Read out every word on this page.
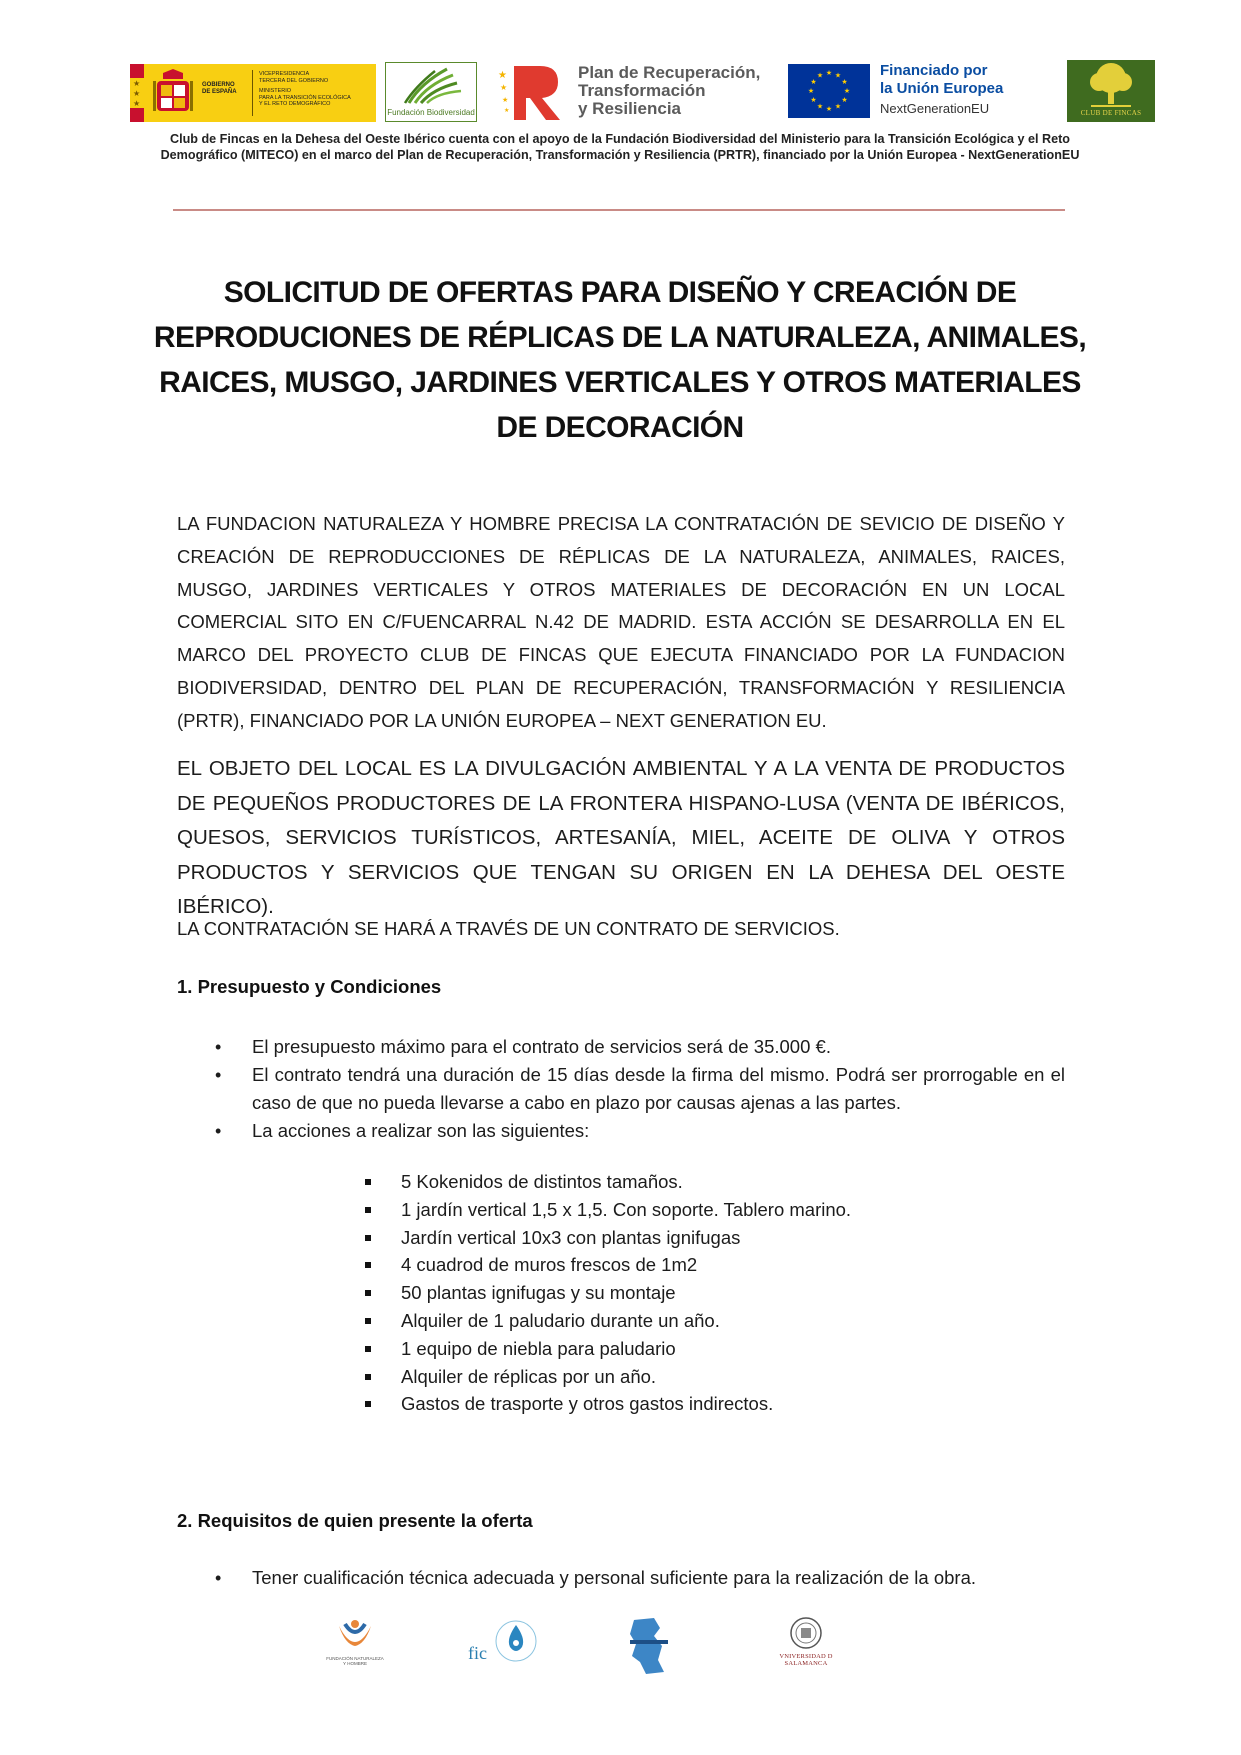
★
★
★
GOBIERNO
DE ESPAÑA
VICEPRESIDENCIA
TERCERA DEL GOBIERNO
MINISTERIO
PARA LA TRANSICIÓN ECOLÓGICA
Y EL RETO DEMOGRÁFICO
Fundación Biodiversidad
★
★
★
★
Plan de Recuperación,
Transformación
y Resiliencia
★ ★
★
★
★
★
★
★
★
★
★
★	Financiado por
la Unión Europea
NextGenerationEU	CLUB DE FINCAS
Club de Fincas en la Dehesa del Oeste Ibérico cuenta con el apoyo de la Fundación Biodiversidad del Ministerio para la Transición Ecológica y el Reto Demográfico (MITECO) en el marco del Plan de Recuperación, Transformación y Resiliencia (PRTR), financiado por la Unión Europea - NextGenerationEU
SOLICITUD DE OFERTAS PARA DISEÑO Y CREACIÓN DE REPRODUCIONES DE RÉPLICAS DE LA NATURALEZA, ANIMALES, RAICES, MUSGO, JARDINES VERTICALES Y OTROS MATERIALES DE DECORACIÓN

LA FUNDACION NATURALEZA Y HOMBRE PRECISA LA CONTRATACIÓN DE SEVICIO DE DISEÑO Y CREACIÓN DE REPRODUCCIONES DE RÉPLICAS DE LA NATURALEZA, ANIMALES, RAICES, MUSGO, JARDINES VERTICALES Y OTROS MATERIALES DE DECORACIÓN EN UN LOCAL COMERCIAL SITO EN C/FUENCARRAL N.42 DE MADRID. ESTA ACCIÓN SE DESARROLLA EN EL MARCO DEL PROYECTO CLUB DE FINCAS QUE EJECUTA FINANCIADO POR LA FUNDACION BIODIVERSIDAD, DENTRO DEL PLAN DE RECUPERACIÓN, TRANSFORMACIÓN Y RESILIENCIA (PRTR), FINANCIADO POR LA UNIÓN EUROPEA – NEXT GENERATION EU.

EL OBJETO DEL LOCAL ES LA DIVULGACIÓN AMBIENTAL Y A LA VENTA DE PRODUCTOS DE PEQUEÑOS PRODUCTORES DE LA FRONTERA HISPANO-LUSA (VENTA DE IBÉRICOS, QUESOS, SERVICIOS TURÍSTICOS, ARTESANÍA, MIEL, ACEITE DE OLIVA Y OTROS PRODUCTOS Y SERVICIOS QUE TENGAN SU ORIGEN EN LA DEHESA DEL OESTE IBÉRICO).

LA CONTRATACIÓN SE HARÁ A TRAVÉS DE UN CONTRATO DE SERVICIOS.

1. Presupuesto y Condiciones
• El presupuesto máximo para el contrato de servicios será de 35.000 €.
• El contrato tendrá una duración de 15 días desde la firma del mismo. Podrá ser prorrogable en el caso de que no pueda llevarse a cabo en plazo por causas ajenas a las partes.
• La acciones a realizar son las siguientes:
5 Kokenidos de distintos tamaños.
1 jardín vertical 1,5 x 1,5. Con soporte. Tablero marino.
Jardín vertical 10x3 con plantas ignifugas
4 cuadrod de muros frescos de 1m2
50 plantas ignifugas y su montaje
Alquiler de 1 paludario durante un año.
1 equipo de niebla para paludario
Alquiler de réplicas por un año.
Gastos de trasporte y otros gastos indirectos.
2. Requisitos de quien presente la oferta
• Tener cualificación técnica adecuada y personal suficiente para la realización de la obra.
FUNDACIÓN NATURALEZA Y HOMBRE
fic	VNIVERSIDAD D SALAMANCA
